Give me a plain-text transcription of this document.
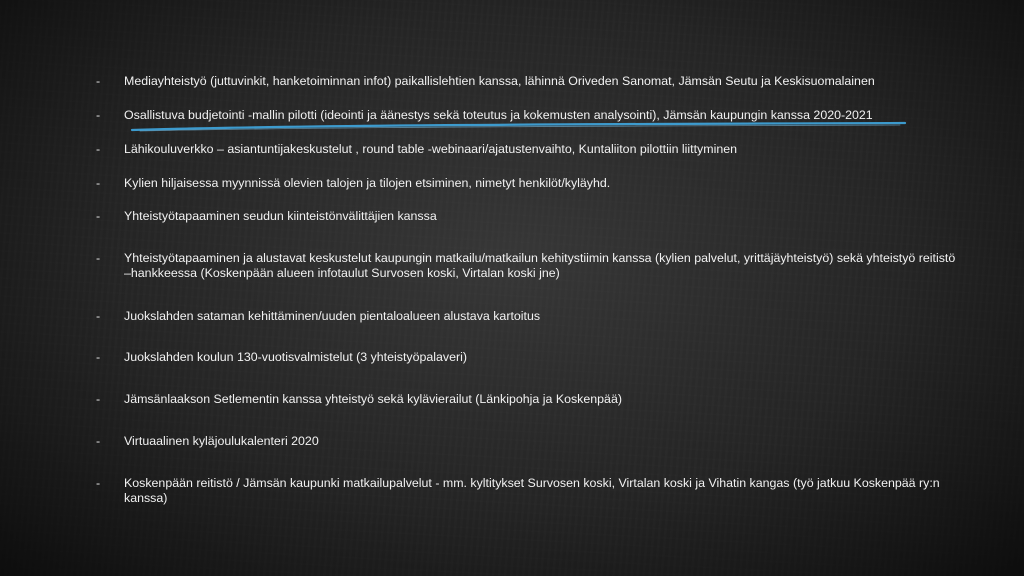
-	Mediayhteistyö (juttuvinkit, hanketoiminnan infot) paikallislehtien kanssa, lähinnä Oriveden Sanomat, Jämsän Seutu ja Keskisuomalainen
-	Osallistuva budjetointi -mallin pilotti (ideointi ja äänestys sekä toteutus ja kokemusten analysointi), Jämsän kaupungin kanssa 2020-2021
-	Lähikouluverkko – asiantuntijakeskustelut , round table -webinaari/ajatustenvaihto, Kuntaliiton pilottiin liittyminen
-	Kylien hiljaisessa myynnissä olevien talojen ja tilojen etsiminen, nimetyt henkilöt/kyläyhd.
-	Yhteistyötapaaminen seudun kiinteistönvälittäjien kanssa
-	Yhteistyötapaaminen ja alustavat keskustelut kaupungin matkailu/matkailun kehitystiimin kanssa (kylien palvelut, yrittäjäyhteistyö) sekä yhteistyö reitistö –hankkeessa (Koskenpään alueen infotaulut Survosen koski, Virtalan koski jne)
-	Juokslahden sataman kehittäminen/uuden pientaloalueen alustava kartoitus
-	Juokslahden koulun 130-vuotisvalmistelut (3 yhteistyöpalaveri)
-	Jämsänlaakson Setlementin kanssa yhteistyö sekä kylävierailut (Länkipohja ja Koskenpää)
-	Virtuaalinen kyläjoulukalenteri 2020
-	Koskenpään reitistö / Jämsän kaupunki matkailupalvelut - mm. kyltitykset Survosen koski, Virtalan koski ja Vihatin kangas (työ jatkuu Koskenpää ry:n kanssa)
